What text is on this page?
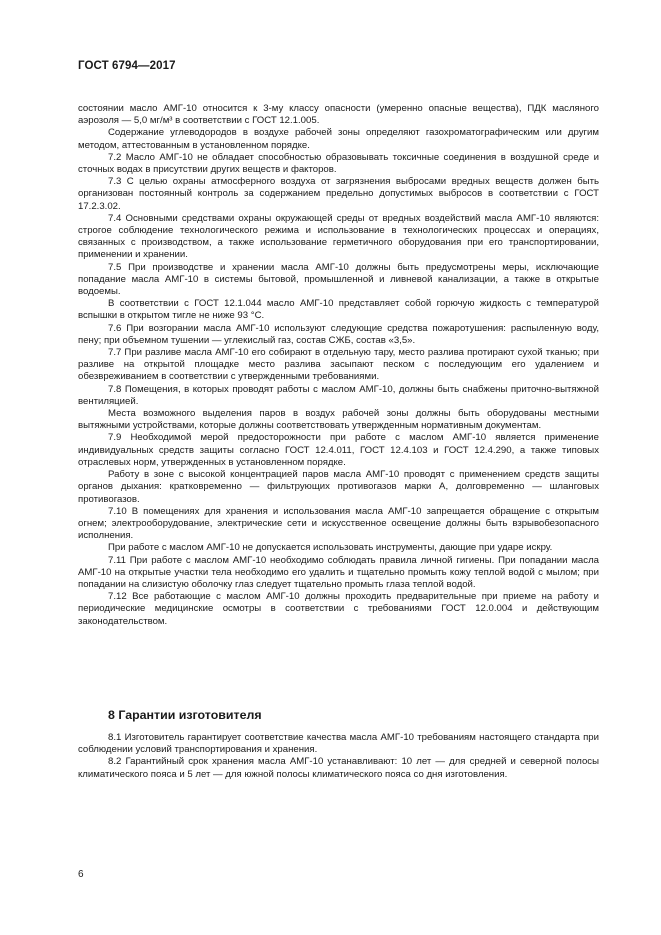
ГОСТ 6794—2017

состоянии масло АМГ-10 относится к 3-му классу опасности (умеренно опасные вещества), ПДК масляного аэрозоля — 5,0 мг/м³ в соответствии с ГОСТ 12.1.005.

Содержание углеводородов в воздухе рабочей зоны определяют газохроматографическим или другим методом, аттестованным в установленном порядке.

7.2 Масло АМГ-10 не обладает способностью образовывать токсичные соединения в воздушной среде и сточных водах в присутствии других веществ и факторов.

7.3 С целью охраны атмосферного воздуха от загрязнения выбросами вредных веществ должен быть организован постоянный контроль за содержанием предельно допустимых выбросов в соответствии с ГОСТ 17.2.3.02.

7.4 Основными средствами охраны окружающей среды от вредных воздействий масла АМГ-10 являются: строгое соблюдение технологического режима и использование в технологических процессах и операциях, связанных с производством, а также использование герметичного оборудования при его транспортировании, применении и хранении.

7.5 При производстве и хранении масла АМГ-10 должны быть предусмотрены меры, исключающие попадание масла АМГ-10 в системы бытовой, промышленной и ливневой канализации, а также в открытые водоемы.

В соответствии с ГОСТ 12.1.044 масло АМГ-10 представляет собой горючую жидкость с температурой вспышки в открытом тигле не ниже 93 °С.

7.6 При возгорании масла АМГ-10 используют следующие средства пожаротушения: распыленную воду, пену; при объемном тушении — углекислый газ, состав СЖБ, состав «3,5».

7.7 При разливе масла АМГ-10 его собирают в отдельную тару, место разлива протирают сухой тканью; при разливе на открытой площадке место разлива засыпают песком с последующим его удалением и обезвреживанием в соответствии с утвержденными требованиями.

7.8 Помещения, в которых проводят работы с маслом АМГ-10, должны быть снабжены приточно-вытяжной вентиляцией.

Места возможного выделения паров в воздух рабочей зоны должны быть оборудованы местными вытяжными устройствами, которые должны соответствовать утвержденным нормативным документам.

7.9 Необходимой мерой предосторожности при работе с маслом АМГ-10 является применение индивидуальных средств защиты согласно ГОСТ 12.4.011, ГОСТ 12.4.103 и ГОСТ 12.4.290, а также типовых отраслевых норм, утвержденных в установленном порядке.

Работу в зоне с высокой концентрацией паров масла АМГ-10 проводят с применением средств защиты органов дыхания: кратковременно — фильтрующих противогазов марки А, долговременно — шланговых противогазов.

7.10 В помещениях для хранения и использования масла АМГ-10 запрещается обращение с открытым огнем; электрооборудование, электрические сети и искусственное освещение должны быть взрывобезопасного исполнения.

При работе с маслом АМГ-10 не допускается использовать инструменты, дающие при ударе искру.

7.11 При работе с маслом АМГ-10 необходимо соблюдать правила личной гигиены. При попадании масла АМГ-10 на открытые участки тела необходимо его удалить и тщательно промыть кожу теплой водой с мылом; при попадании на слизистую оболочку глаз следует тщательно промыть глаза теплой водой.

7.12 Все работающие с маслом АМГ-10 должны проходить предварительные при приеме на работу и периодические медицинские осмотры в соответствии с требованиями ГОСТ 12.0.004 и действующим законодательством.

8 Гарантии изготовителя

8.1 Изготовитель гарантирует соответствие качества масла АМГ-10 требованиям настоящего стандарта при соблюдении условий транспортирования и хранения.

8.2 Гарантийный срок хранения масла АМГ-10 устанавливают: 10 лет — для средней и северной полосы климатического пояса и 5 лет — для южной полосы климатического пояса со дня изготовления.

6
